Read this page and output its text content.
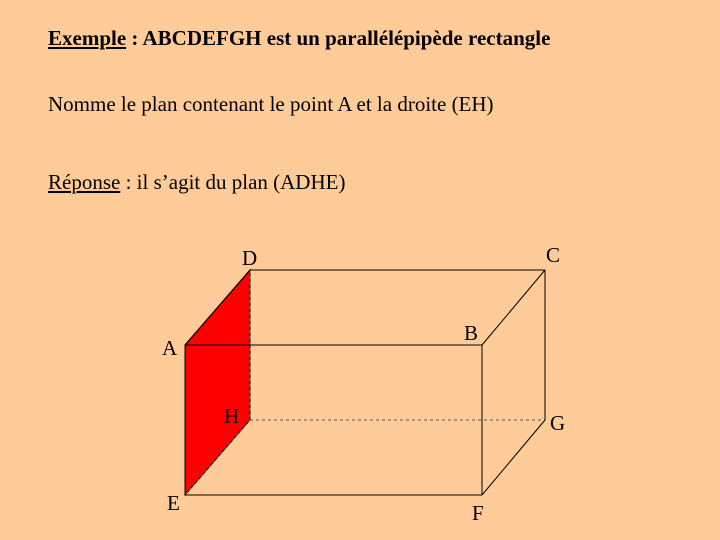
Exemple : ABCDEFGH est un parallélépipède rectangle
Nomme le plan contenant le point A et la droite (EH)
Réponse : il s’agit du plan (ADHE)
A
B
C
D
E	F
G
H
